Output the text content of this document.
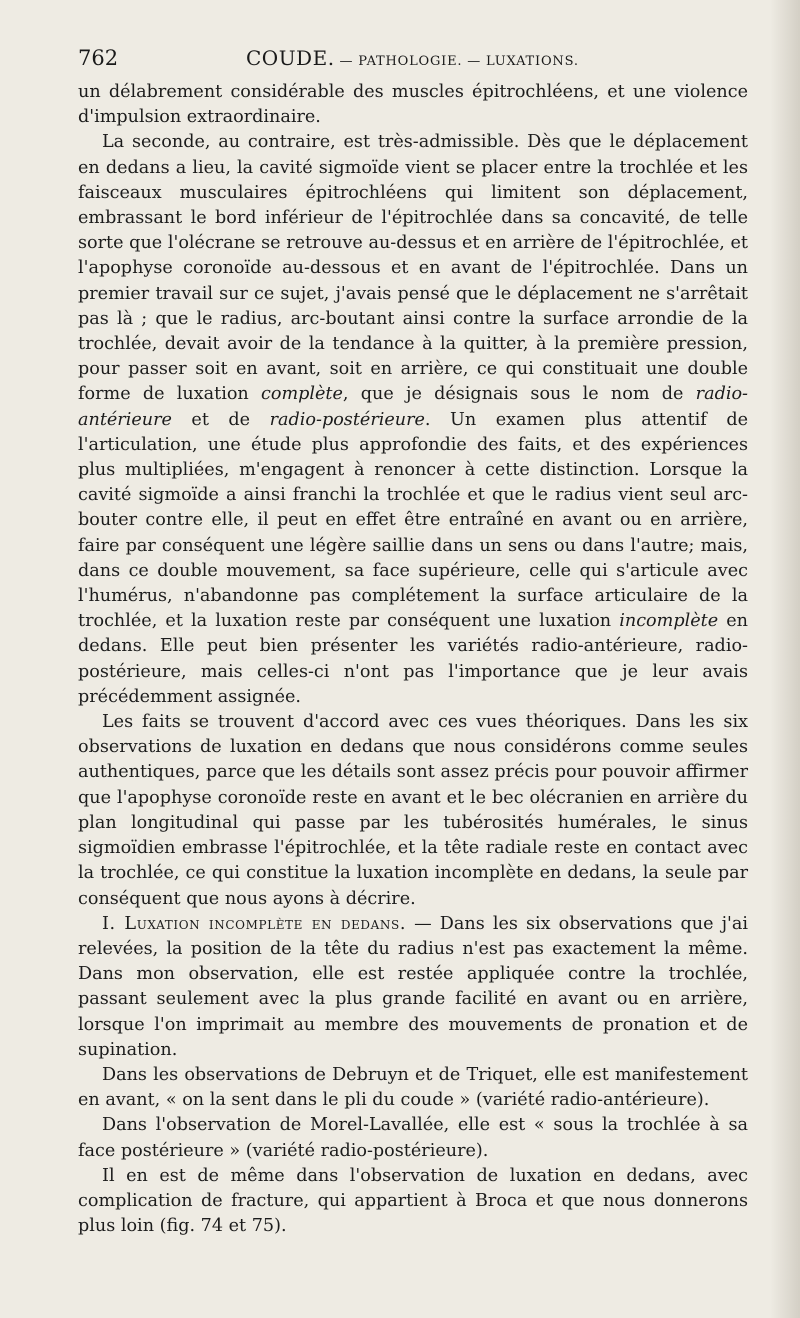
762	COUDE. — PATHOLOGIE. — LUXATIONS.

un délabrement considérable des muscles épitrochléens, et une violence d'impulsion extraordinaire.

La seconde, au contraire, est très-admissible. Dès que le déplacement en dedans a lieu, la cavité sigmoïde vient se placer entre la trochlée et les faisceaux musculaires épitrochléens qui limitent son déplacement, embrassant le bord inférieur de l'épitrochlée dans sa concavité, de telle sorte que l'olécrane se retrouve au-dessus et en arrière de l'épitrochlée, et l'apophyse coronoïde au-dessous et en avant de l'épitrochlée. Dans un premier travail sur ce sujet, j'avais pensé que le déplacement ne s'arrêtait pas là ; que le radius, arc-boutant ainsi contre la surface arrondie de la trochlée, devait avoir de la tendance à la quitter, à la première pression, pour passer soit en avant, soit en arrière, ce qui constituait une double forme de luxation complète, que je désignais sous le nom de radio-antérieure et de radio-postérieure. Un examen plus attentif de l'articulation, une étude plus approfondie des faits, et des expériences plus multipliées, m'engagent à renoncer à cette distinction. Lorsque la cavité sigmoïde a ainsi franchi la trochlée et que le radius vient seul arc-bouter contre elle, il peut en effet être entraîné en avant ou en arrière, faire par conséquent une légère saillie dans un sens ou dans l'autre; mais, dans ce double mouvement, sa face supérieure, celle qui s'articule avec l'humérus, n'abandonne pas complétement la surface articulaire de la trochlée, et la luxation reste par conséquent une luxation incomplète en dedans. Elle peut bien présenter les variétés radio-antérieure, radio-postérieure, mais celles-ci n'ont pas l'importance que je leur avais précédemment assignée.

Les faits se trouvent d'accord avec ces vues théoriques. Dans les six observations de luxation en dedans que nous considérons comme seules authentiques, parce que les détails sont assez précis pour pouvoir affirmer que l'apophyse coronoïde reste en avant et le bec olécranien en arrière du plan longitudinal qui passe par les tubérosités humérales, le sinus sigmoïdien embrasse l'épitrochlée, et la tête radiale reste en contact avec la trochlée, ce qui constitue la luxation incomplète en dedans, la seule par conséquent que nous ayons à décrire.

I. Luxation incomplète en dedans. — Dans les six observations que j'ai relevées, la position de la tête du radius n'est pas exactement la même. Dans mon observation, elle est restée appliquée contre la trochlée, passant seulement avec la plus grande facilité en avant ou en arrière, lorsque l'on imprimait au membre des mouvements de pronation et de supination.

Dans les observations de Debruyn et de Triquet, elle est manifestement en avant, « on la sent dans le pli du coude » (variété radio-antérieure).

Dans l'observation de Morel-Lavallée, elle est « sous la trochlée à sa face postérieure » (variété radio-postérieure).

Il en est de même dans l'observation de luxation en dedans, avec complication de fracture, qui appartient à Broca et que nous donnerons plus loin (fig. 74 et 75).
